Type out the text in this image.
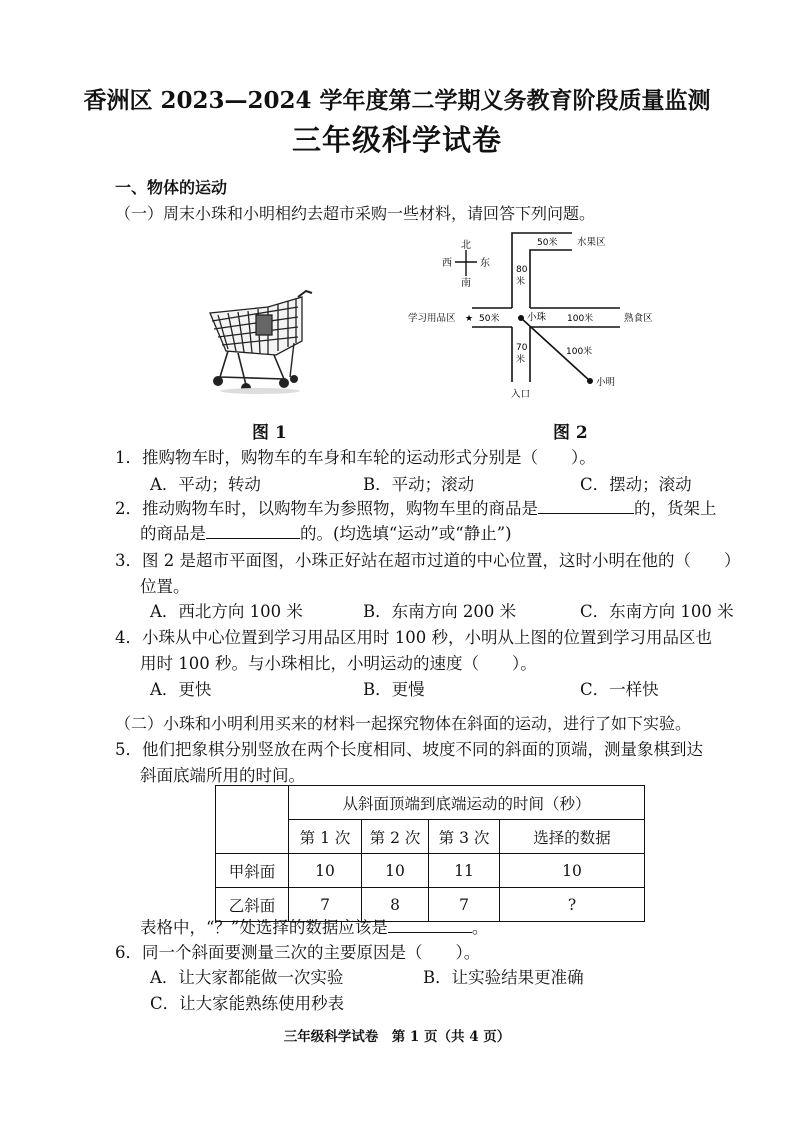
香洲区 2023—2024 学年度第二学期义务教育阶段质量监测
三年级科学试卷
一、物体的运动
（一）周末小珠和小明相约去超市采购一些材料，请回答下列问题。
图 1
北
南
西	东
50米 水果区
80
米
学习用品区 ★ 50米	小珠 100米	熟食区
70
米
100米
小明
入口
图 2
1．推购物车时，购物车的车身和车轮的运动形式分别是（　　）。
A．平动；转动	B．平动；滚动	C．摆动；滚动
2．推动购物车时，以购物车为参照物，购物车里的商品是	的，货架上
的商品是	的。(均选填“运动”或“静止”)
3．图 2 是超市平面图，小珠正好站在超市过道的中心位置，这时小明在他的（　　）
位置。
A．西北方向 100 米	B．东南方向 200 米	C．东南方向 100 米
4．小珠从中心位置到学习用品区用时 100 秒，小明从上图的位置到学习用品区也
用时 100 秒。与小珠相比，小明运动的速度（　　）。
A．更快	B．更慢	C．一样快
（二）小珠和小明利用买来的材料一起探究物体在斜面的运动，进行了如下实验。
5．他们把象棋分别竖放在两个长度相同、坡度不同的斜面的顶端，测量象棋到达
斜面底端所用的时间。
	从斜面顶端到底端运动的时间（秒）			
	第 1 次	第 2 次	第 3 次	选择的数据
甲斜面	10	10	11	10
乙斜面	7	8	7	?
表格中，“？”处选择的数据应该是	。
6．同一个斜面要测量三次的主要原因是（　　）。
A．让大家都能做一次实验	B．让实验结果更准确
C．让大家能熟练使用秒表
三年级科学试卷　第 1 页（共 4 页）
